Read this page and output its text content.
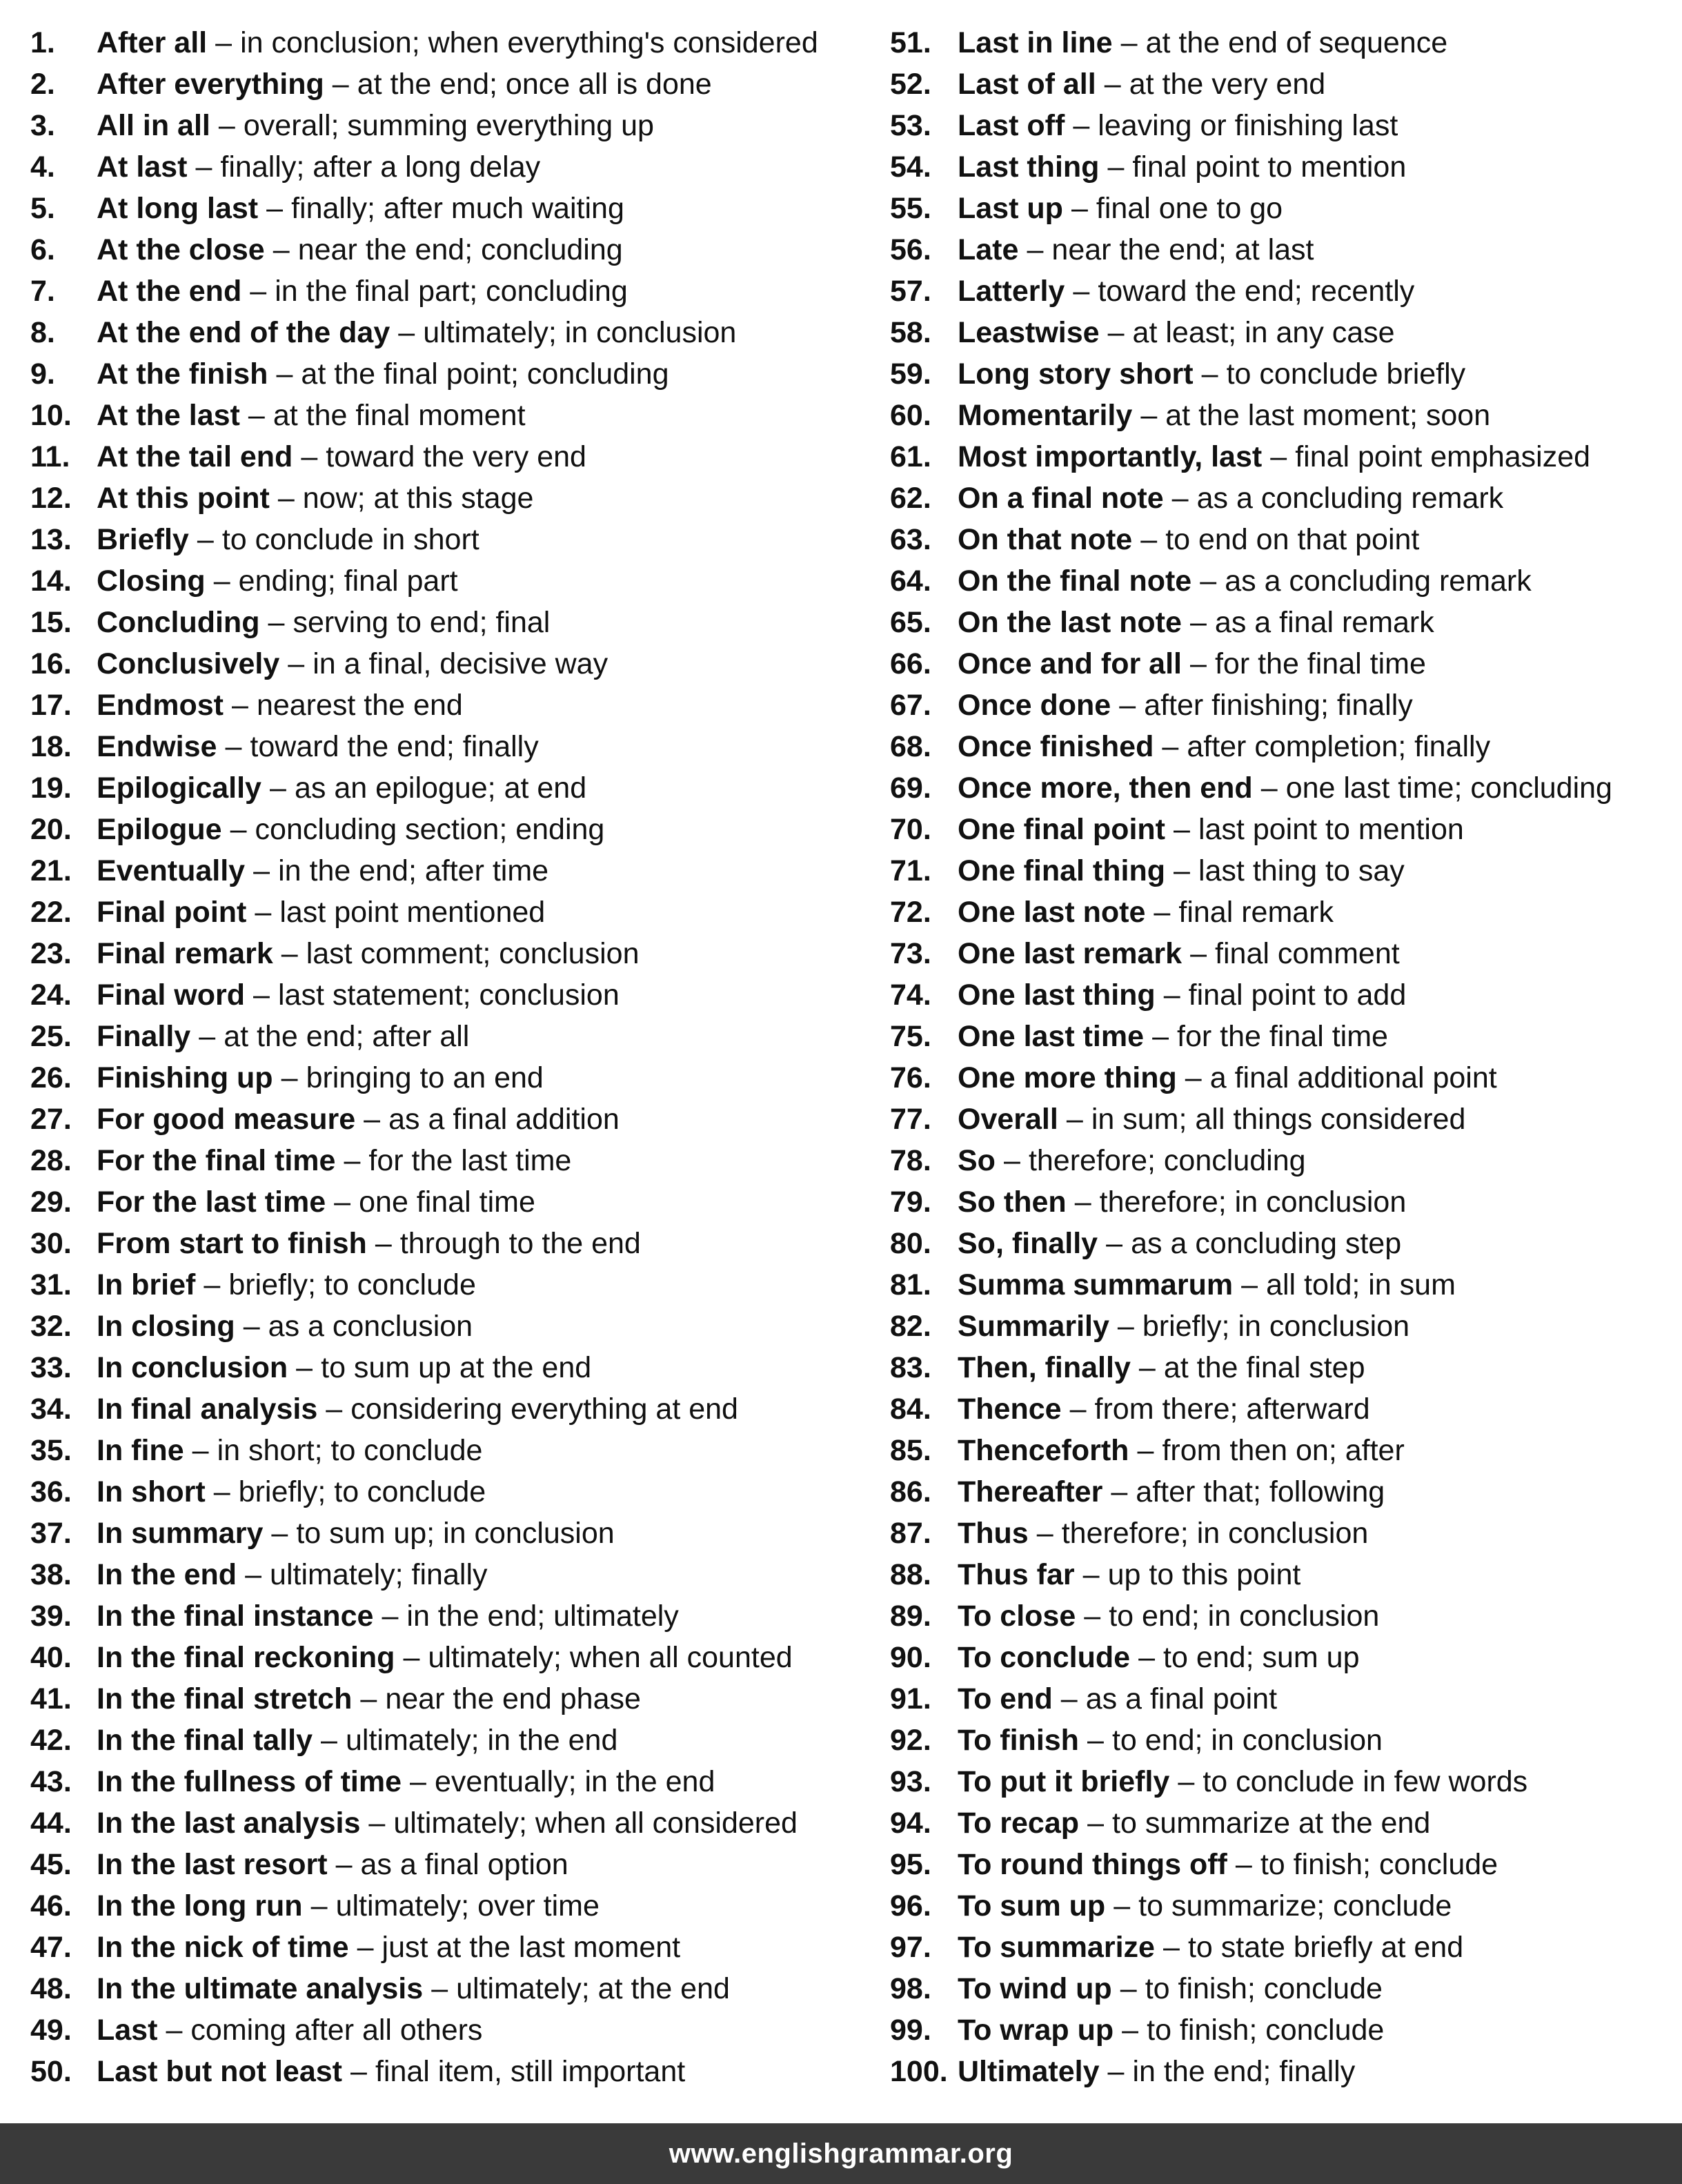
1.	After all – in conclusion; when everything's considered
2.	After everything – at the end; once all is done
3.	All in all – overall; summing everything up
4.	At last – finally; after a long delay
5.	At long last – finally; after much waiting
6.	At the close – near the end; concluding
7.	At the end – in the final part; concluding
8.	At the end of the day – ultimately; in conclusion
9.	At the finish – at the final point; concluding
10. At the last – at the final moment
11. At the tail end – toward the very end
12. At this point – now; at this stage
13. Briefly – to conclude in short
14. Closing – ending; final part
15. Concluding – serving to end; final
16. Conclusively – in a final, decisive way
17. Endmost – nearest the end
18. Endwise – toward the end; finally
19. Epilogically – as an epilogue; at end
20. Epilogue – concluding section; ending
21. Eventually – in the end; after time
22. Final point – last point mentioned
23. Final remark – last comment; conclusion
24. Final word – last statement; conclusion
25. Finally – at the end; after all
26. Finishing up – bringing to an end
27. For good measure – as a final addition
28. For the final time – for the last time
29. For the last time – one final time
30. From start to finish – through to the end
31. In brief – briefly; to conclude
32. In closing – as a conclusion
33. In conclusion – to sum up at the end
34. In final analysis – considering everything at end
35. In fine – in short; to conclude
36. In short – briefly; to conclude
37. In summary – to sum up; in conclusion
38. In the end – ultimately; finally
39. In the final instance – in the end; ultimately
40. In the final reckoning – ultimately; when all counted
41. In the final stretch – near the end phase
42. In the final tally – ultimately; in the end
43. In the fullness of time – eventually; in the end
44. In the last analysis – ultimately; when all considered
45. In the last resort – as a final option
46. In the long run – ultimately; over time
47. In the nick of time – just at the last moment
48. In the ultimate analysis – ultimately; at the end
49. Last – coming after all others
50. Last but not least – final item, still important
51. Last in line – at the end of sequence
52. Last of all – at the very end
53. Last off – leaving or finishing last
54. Last thing – final point to mention
55. Last up – final one to go
56. Late – near the end; at last
57. Latterly – toward the end; recently
58. Leastwise – at least; in any case
59. Long story short – to conclude briefly
60. Momentarily – at the last moment; soon
61. Most importantly, last – final point emphasized
62. On a final note – as a concluding remark
63. On that note – to end on that point
64. On the final note – as a concluding remark
65. On the last note – as a final remark
66. Once and for all – for the final time
67. Once done – after finishing; finally
68. Once finished – after completion; finally
69. Once more, then end – one last time; concluding
70. One final point – last point to mention
71. One final thing – last thing to say
72. One last note – final remark
73. One last remark – final comment
74. One last thing – final point to add
75. One last time – for the final time
76. One more thing – a final additional point
77. Overall – in sum; all things considered
78. So – therefore; concluding
79. So then – therefore; in conclusion
80. So, finally – as a concluding step
81. Summa summarum – all told; in sum
82. Summarily – briefly; in conclusion
83. Then, finally – at the final step
84. Thence – from there; afterward
85. Thenceforth – from then on; after
86. Thereafter – after that; following
87. Thus – therefore; in conclusion
88. Thus far – up to this point
89. To close – to end; in conclusion
90. To conclude – to end; sum up
91. To end – as a final point
92. To finish – to end; in conclusion
93. To put it briefly – to conclude in few words
94. To recap – to summarize at the end
95. To round things off – to finish; conclude
96. To sum up – to summarize; conclude
97. To summarize – to state briefly at end
98. To wind up – to finish; conclude
99. To wrap up – to finish; conclude
100. Ultimately – in the end; finally
www.englishgrammar.org
